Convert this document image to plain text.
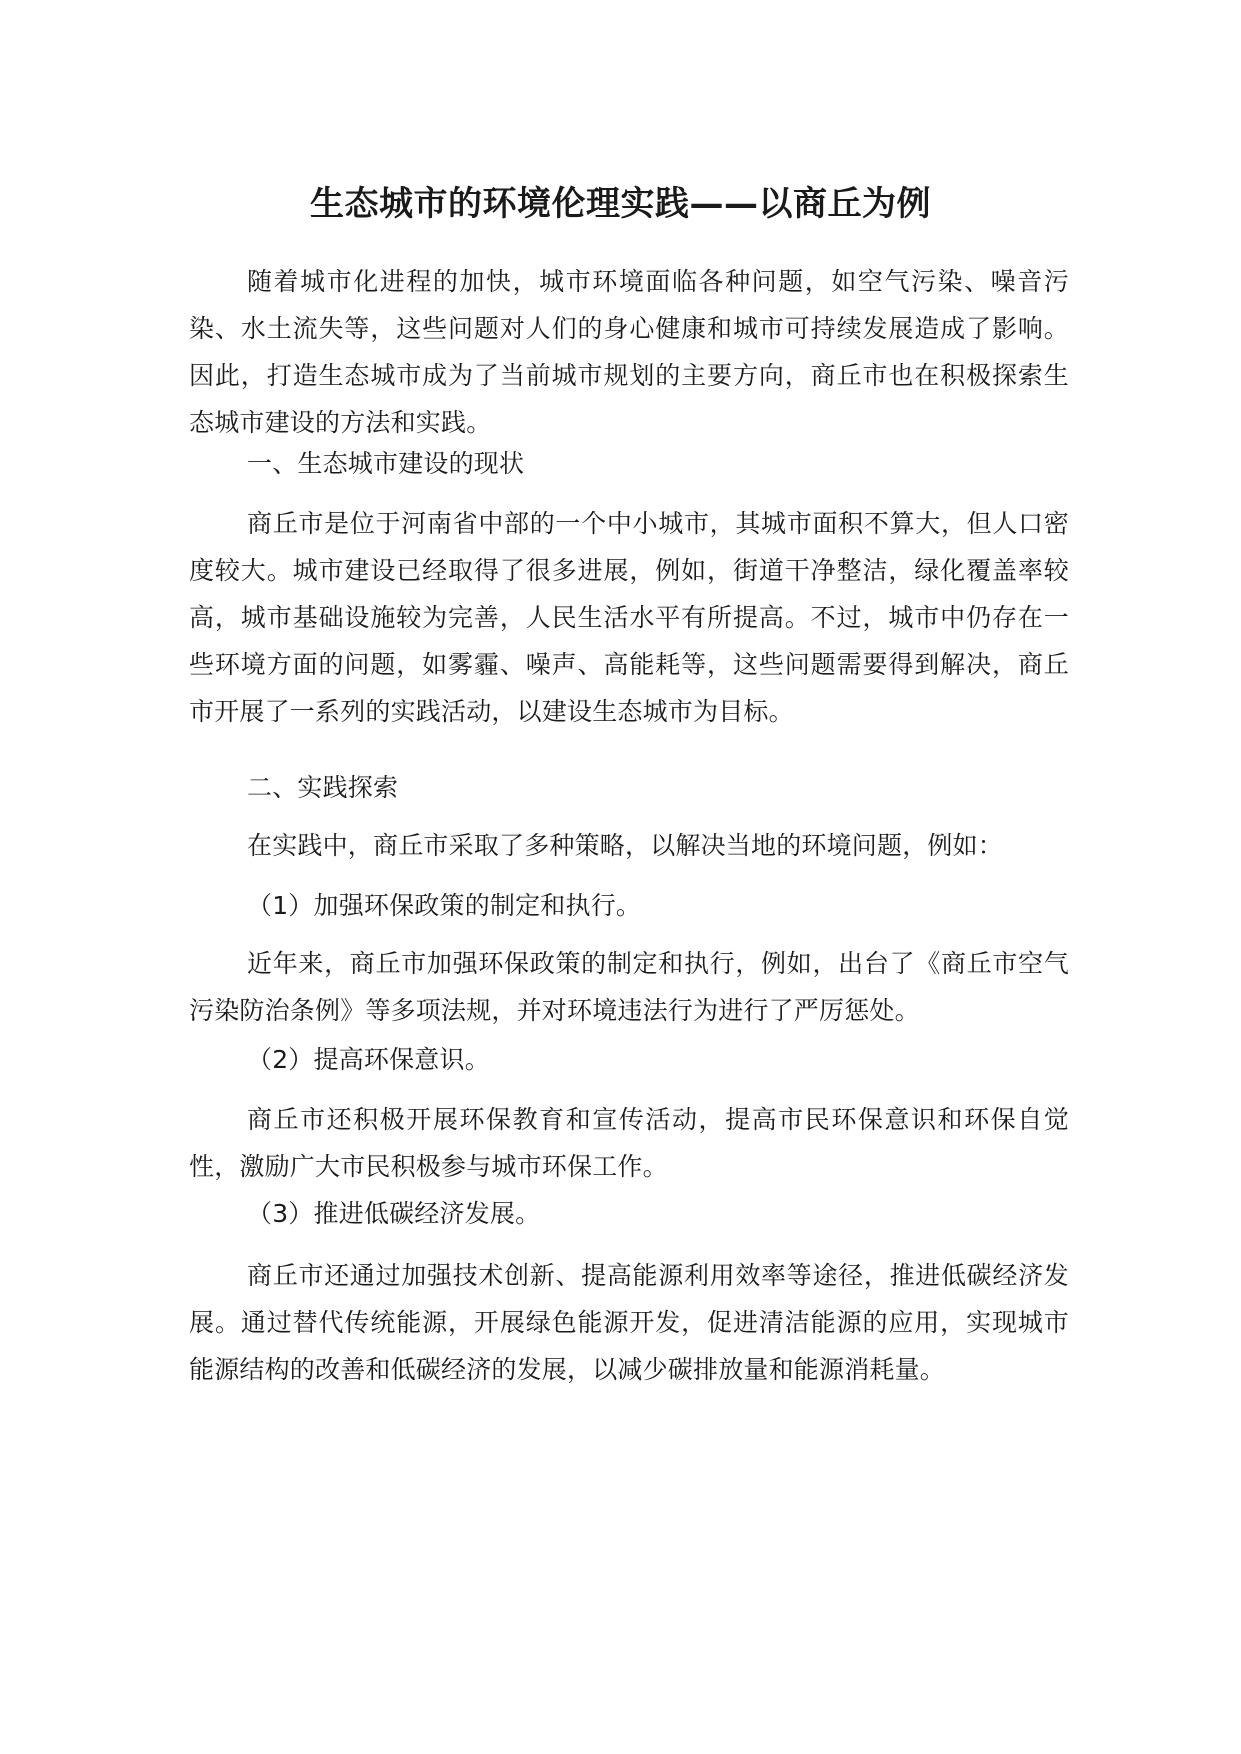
生态城市的环境伦理实践——以商丘为例

随着城市化进程的加快，城市环境面临各种问题，如空气污染、噪音污染、水土流失等，这些问题对人们的身心健康和城市可持续发展造成了影响。因此，打造生态城市成为了当前城市规划的主要方向，商丘市也在积极探索生态城市建设的方法和实践。

一、生态城市建设的现状

商丘市是位于河南省中部的一个中小城市，其城市面积不算大，但人口密度较大。城市建设已经取得了很多进展，例如，街道干净整洁，绿化覆盖率较高，城市基础设施较为完善，人民生活水平有所提高。不过，城市中仍存在一些环境方面的问题，如雾霾、噪声、高能耗等，这些问题需要得到解决，商丘市开展了一系列的实践活动，以建设生态城市为目标。

二、实践探索

在实践中，商丘市采取了多种策略，以解决当地的环境问题，例如：

（1）加强环保政策的制定和执行。

近年来，商丘市加强环保政策的制定和执行，例如，出台了《商丘市空气污染防治条例》等多项法规，并对环境违法行为进行了严厉惩处。

（2）提高环保意识。

商丘市还积极开展环保教育和宣传活动，提高市民环保意识和环保自觉性，激励广大市民积极参与城市环保工作。

（3）推进低碳经济发展。

商丘市还通过加强技术创新、提高能源利用效率等途径，推进低碳经济发展。通过替代传统能源，开展绿色能源开发，促进清洁能源的应用，实现城市能源结构的改善和低碳经济的发展，以减少碳排放量和能源消耗量。
